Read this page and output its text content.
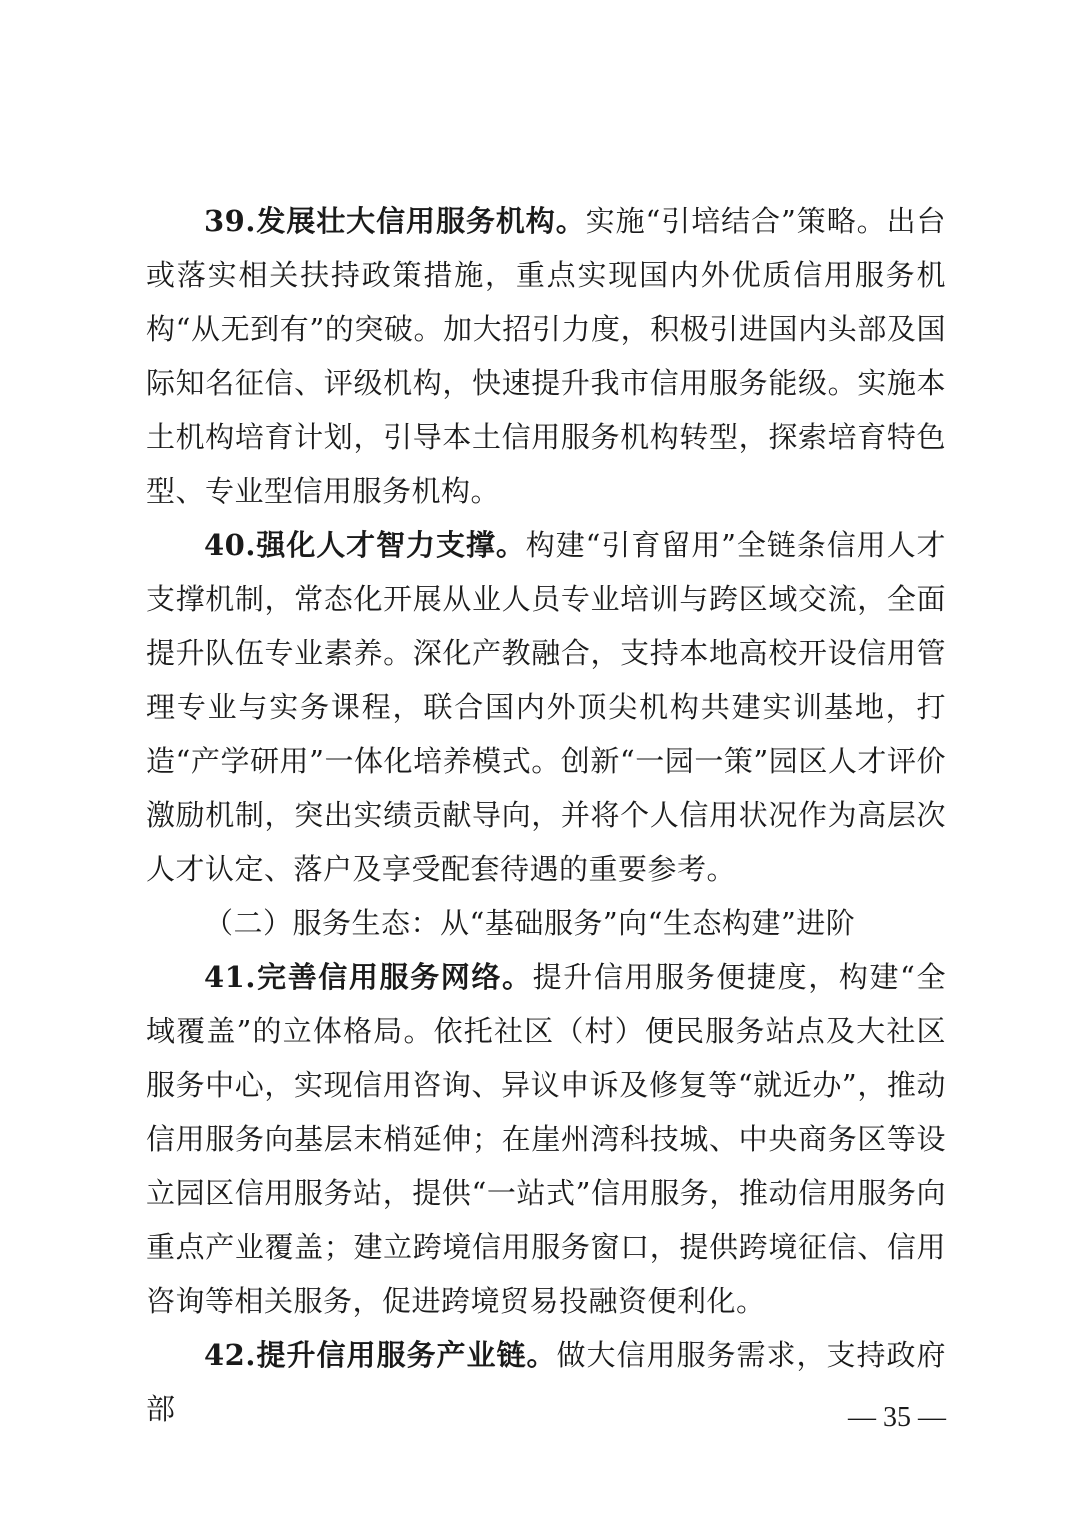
39.发展壮大信用服务机构。实施“引培结合”策略。出台或落实相关扶持政策措施，重点实现国内外优质信用服务机构“从无到有”的突破。加大招引力度，积极引进国内头部及国际知名征信、评级机构，快速提升我市信用服务能级。实施本土机构培育计划，引导本土信用服务机构转型，探索培育特色型、专业型信用服务机构。

40.强化人才智力支撑。构建“引育留用”全链条信用人才支撑机制，常态化开展从业人员专业培训与跨区域交流，全面提升队伍专业素养。深化产教融合，支持本地高校开设信用管理专业与实务课程，联合国内外顶尖机构共建实训基地，打造“产学研用”一体化培养模式。创新“一园一策”园区人才评价激励机制，突出实绩贡献导向，并将个人信用状况作为高层次人才认定、落户及享受配套待遇的重要参考。

（二）服务生态：从“基础服务”向“生态构建”进阶

41.完善信用服务网络。提升信用服务便捷度，构建“全域覆盖”的立体格局。依托社区（村）便民服务站点及大社区服务中心，实现信用咨询、异议申诉及修复等“就近办”，推动信用服务向基层末梢延伸；在崖州湾科技城、中央商务区等设立园区信用服务站，提供“一站式”信用服务，推动信用服务向重点产业覆盖；建立跨境信用服务窗口，提供跨境征信、信用咨询等相关服务，促进跨境贸易投融资便利化。

42.提升信用服务产业链。做大信用服务需求，支持政府部	— 35 —
